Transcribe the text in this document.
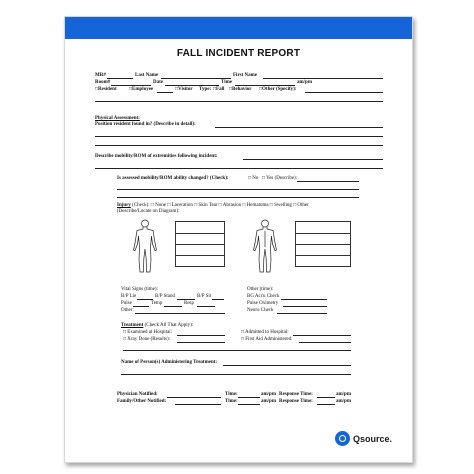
FALL INCIDENT REPORT
MR#	Last Name	First Name
Room#	Date	Time	am/pm
□Resident □Employee	□Visitor Type: □Fall □Behavior □Other (Specify):
Physical Assessment:
Position resident found in? (Describe in detail):
Describe mobility/ROM of extremities following incident:
Is assessed mobility/ROM ability changed? (Check):	□ No □ Yes (Describe):
Injury (Check): □ None □ Laceration □ Skin Tear □ Abrasion □ Hematoma □ Swelling □ Other
(Describe/Locate on Diagram):
Vital Signs (time):
B/P Lie	B/P Stand	B/P Sit
Pulse	Temp	Resp
Other:
Other (time):
BG Accu Check
Pulse Oximetry
Neuro Check
Treatment (Check All That Apply):
□ Examined at Hospital:	□ Admitted to Hospital:
□ Xray Done (Results):	□ First Aid Administered:
Name of Person(s) Administering Treatment:
Physician Notified:	Time:	am/pm Response Time:	am/pm
Family/Other Notified:	Time:	am/pm Response Time:	am/pm
Qsource.
